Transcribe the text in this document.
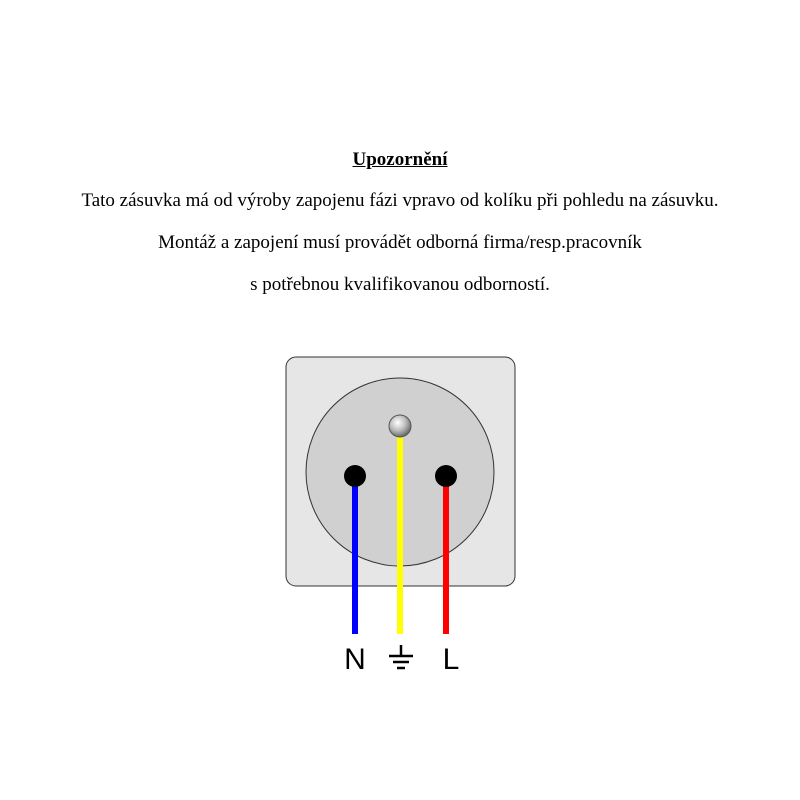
Upozornění
Tato zásuvka má od výroby zapojenu fázi vpravo od kolíku při pohledu na zásuvku.
Montáž a zapojení musí provádět odborná firma/resp.pracovník
s potřebnou kvalifikovanou odborností.
N	L
